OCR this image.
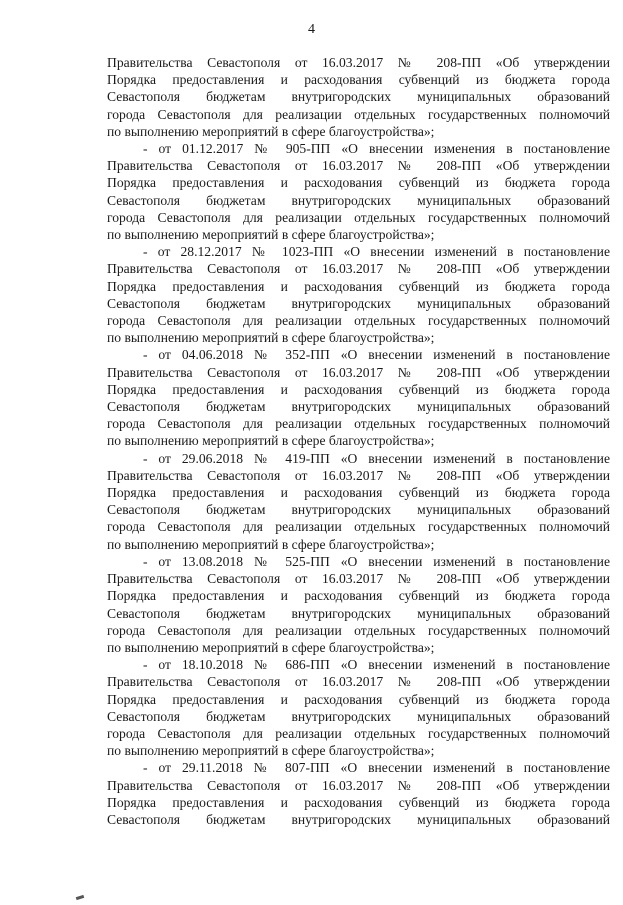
4

Правительства Севастополя от 16.03.2017 № 208-ПП «Об утверждении

Порядка предоставления и расходования субвенций из бюджета города

Севастополя бюджетам внутригородских муниципальных образований

города Севастополя для реализации отдельных государственных полномочий

по выполнению мероприятий в сфере благоустройства»;

- от 01.12.2017 № 905-ПП «О внесении изменения в постановление

Правительства Севастополя от 16.03.2017 № 208-ПП «Об утверждении

Порядка предоставления и расходования субвенций из бюджета города

Севастополя бюджетам внутригородских муниципальных образований

города Севастополя для реализации отдельных государственных полномочий

по выполнению мероприятий в сфере благоустройства»;

- от 28.12.2017 № 1023-ПП «О внесении изменений в постановление

Правительства Севастополя от 16.03.2017 № 208-ПП «Об утверждении

Порядка предоставления и расходования субвенций из бюджета города

Севастополя бюджетам внутригородских муниципальных образований

города Севастополя для реализации отдельных государственных полномочий

по выполнению мероприятий в сфере благоустройства»;

- от 04.06.2018 № 352-ПП «О внесении изменений в постановление

Правительства Севастополя от 16.03.2017 № 208-ПП «Об утверждении

Порядка предоставления и расходования субвенций из бюджета города

Севастополя бюджетам внутригородских муниципальных образований

города Севастополя для реализации отдельных государственных полномочий

по выполнению мероприятий в сфере благоустройства»;

- от 29.06.2018 № 419-ПП «О внесении изменений в постановление

Правительства Севастополя от 16.03.2017 № 208-ПП «Об утверждении

Порядка предоставления и расходования субвенций из бюджета города

Севастополя бюджетам внутригородских муниципальных образований

города Севастополя для реализации отдельных государственных полномочий

по выполнению мероприятий в сфере благоустройства»;

- от 13.08.2018 № 525-ПП «О внесении изменений в постановление

Правительства Севастополя от 16.03.2017 № 208-ПП «Об утверждении

Порядка предоставления и расходования субвенций из бюджета города

Севастополя бюджетам внутригородских муниципальных образований

города Севастополя для реализации отдельных государственных полномочий

по выполнению мероприятий в сфере благоустройства»;

- от 18.10.2018 № 686-ПП «О внесении изменений в постановление

Правительства Севастополя от 16.03.2017 № 208-ПП «Об утверждении

Порядка предоставления и расходования субвенций из бюджета города

Севастополя бюджетам внутригородских муниципальных образований

города Севастополя для реализации отдельных государственных полномочий

по выполнению мероприятий в сфере благоустройства»;

- от 29.11.2018 № 807-ПП «О внесении изменений в постановление

Правительства Севастополя от 16.03.2017 № 208-ПП «Об утверждении

Порядка предоставления и расходования субвенций из бюджета города

Севастополя бюджетам внутригородских муниципальных образований
